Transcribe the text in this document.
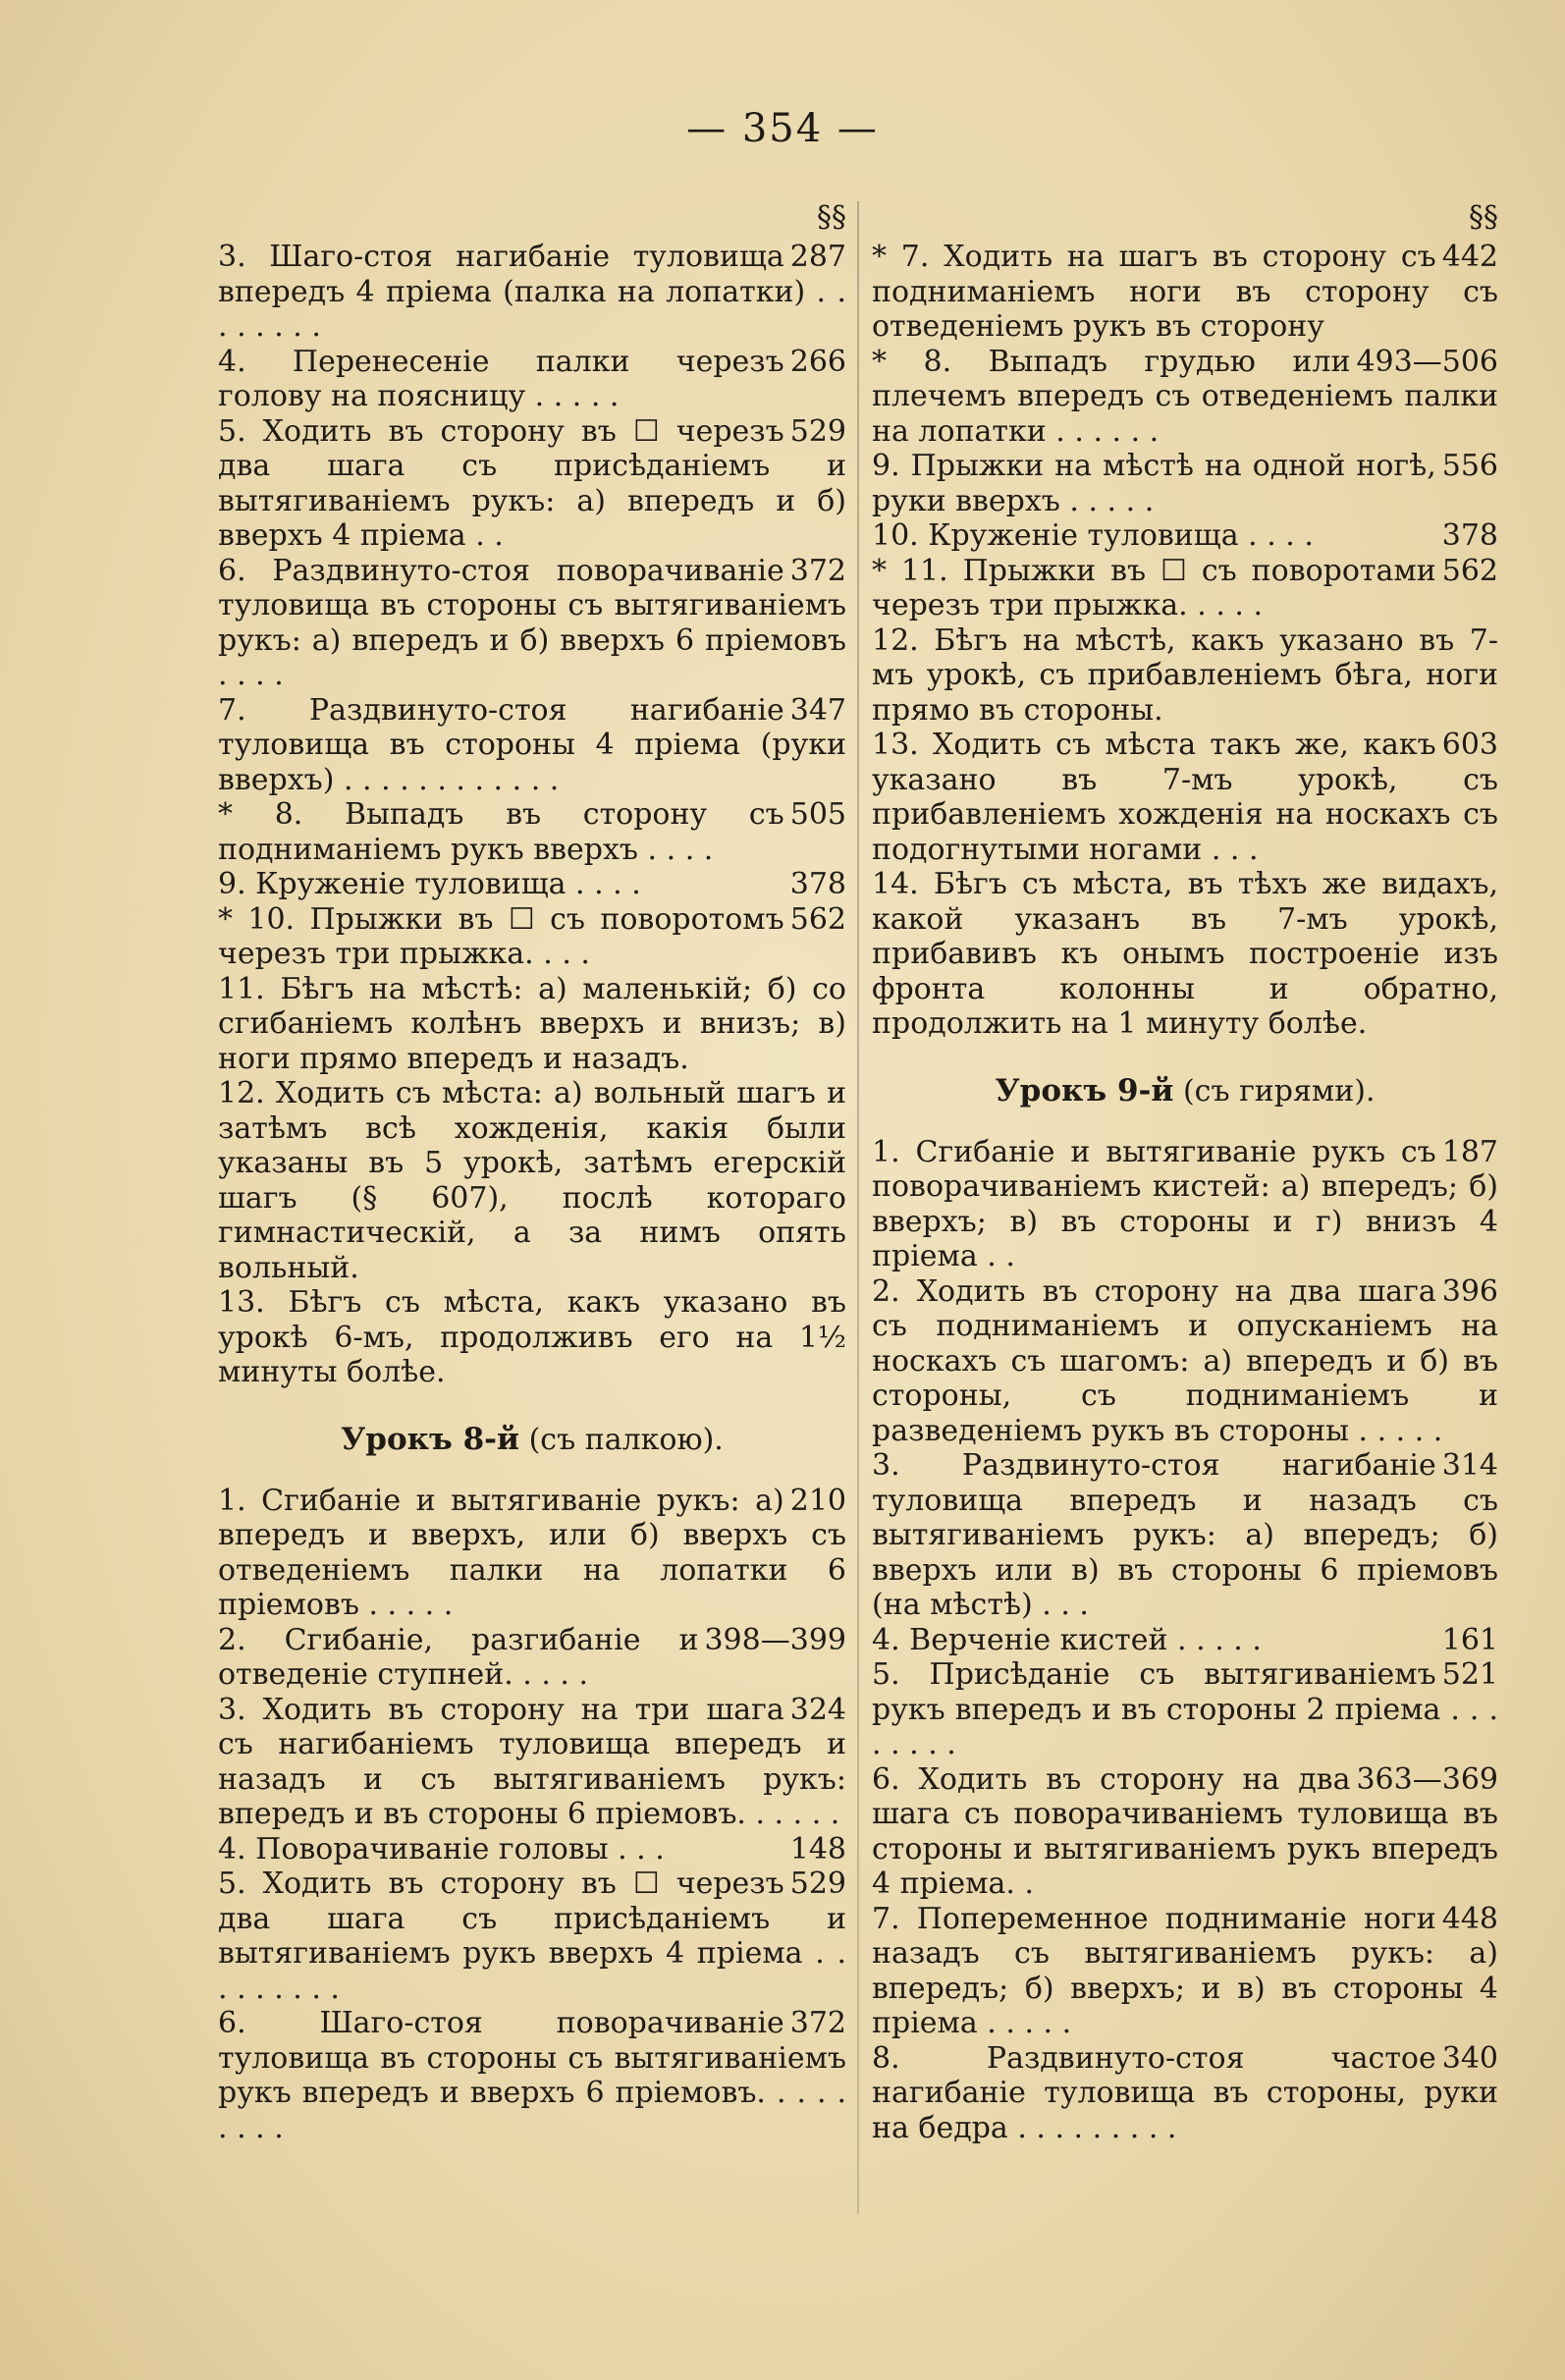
— 354 —
§§
287
3. Шаго-стоя нагибаніе туловища впередъ 4 пріема (палка на лопатки) . . . . . . . .
266
4. Перенесеніе палки черезъ голову на поясницу . . . . .
529
5. Ходить въ сторону въ ☐ черезъ два шага съ присѣданіемъ и вытягиваніемъ рукъ: а) впередъ и б) вверхъ 4 пріема . .
372
6. Раздвинуто-стоя поворачиваніе туловища въ стороны съ вытягиваніемъ рукъ: а) впередъ и б) вверхъ 6 пріемовъ . . . .
347
7. Раздвинуто-стоя нагибаніе туловища въ стороны 4 пріема (руки вверхъ) . . . . . . . . . . . .
505
* 8. Выпадъ въ сторону съ подниманіемъ рукъ вверхъ . . . .
378
9. Круженіе туловища . . . .
562
* 10. Прыжки въ ☐ съ поворотомъ черезъ три прыжка. . . .
11. Бѣгъ на мѣстѣ: а) маленькій; б) со сгибаніемъ колѣнъ вверхъ и внизъ; в) ноги прямо впередъ и назадъ.
12. Ходить съ мѣста: а) вольный шагъ и затѣмъ всѣ хожденія, какія были указаны въ 5 урокѣ, затѣмъ егерскій шагъ (§ 607), послѣ котораго гимнастическій, а за нимъ опять вольный.
13. Бѣгъ съ мѣста, какъ указано въ урокѣ 6-мъ, продолживъ его на 1½ минуты болѣе.
Урокъ 8-й (съ палкою).
210
1. Сгибаніе и вытягиваніе рукъ: а) впередъ и вверхъ, или б) вверхъ съ отведеніемъ палки на лопатки 6 пріемовъ . . . . .
398—399
2. Сгибаніе, разгибаніе и отведеніе ступней. . . . .
324
3. Ходить въ сторону на три шага съ нагибаніемъ туловища впередъ и назадъ и съ вытягиваніемъ рукъ: впередъ и въ стороны 6 пріемовъ. . . . . .
148
4. Поворачиваніе головы . . .
529
5. Ходить въ сторону въ ☐ черезъ два шага съ присѣданіемъ и вытягиваніемъ рукъ вверхъ 4 пріема . . . . . . . . .
372
6. Шаго-стоя поворачиваніе туловища въ стороны съ вытягиваніемъ рукъ впередъ и вверхъ 6 пріемовъ. . . . . . . . .
§§
442
* 7. Ходить на шагъ въ сторону съ подниманіемъ ноги въ сторону съ отведеніемъ рукъ въ сторону
493—506
* 8. Выпадъ грудью или плечемъ впередъ съ отведеніемъ палки на лопатки . . . . . .
556
9. Прыжки на мѣстѣ на одной ногѣ, руки вверхъ . . . . .
378
10. Круженіе туловища . . . .
562
* 11. Прыжки въ ☐ съ поворотами черезъ три прыжка. . . . .
12. Бѣгъ на мѣстѣ, какъ указано въ 7-мъ урокѣ, съ прибавленіемъ бѣга, ноги прямо въ стороны.
603
13. Ходить съ мѣста такъ же, какъ указано въ 7-мъ урокѣ, съ прибавленіемъ хожденія на носкахъ съ подогнутыми ногами . . .
14. Бѣгъ съ мѣста, въ тѣхъ же видахъ, какой указанъ въ 7-мъ урокѣ, прибавивъ къ онымъ построеніе изъ фронта колонны и обратно, продолжить на 1 минуту болѣе.
Урокъ 9-й (съ гирями).
187
1. Сгибаніе и вытягиваніе рукъ съ поворачиваніемъ кистей: а) впередъ; б) вверхъ; в) въ стороны и г) внизъ 4 пріема . .
396
2. Ходить въ сторону на два шага съ подниманіемъ и опусканіемъ на носкахъ съ шагомъ: а) впередъ и б) въ стороны, съ подниманіемъ и разведеніемъ рукъ въ стороны . . . . .
314
3. Раздвинуто-стоя нагибаніе туловища впередъ и назадъ съ вытягиваніемъ рукъ: а) впередъ; б) вверхъ или в) въ стороны 6 пріемовъ (на мѣстѣ) . . .
161
4. Верченіе кистей . . . . .
521
5. Присѣданіе съ вытягиваніемъ рукъ впередъ и въ стороны 2 пріема . . . . . . . .
363—369
6. Ходить въ сторону на два шага съ поворачиваніемъ туловища въ стороны и вытягиваніемъ рукъ впередъ 4 пріема. .
448
7. Попеременное подниманіе ноги назадъ съ вытягиваніемъ рукъ: а) впередъ; б) вверхъ; и в) въ стороны 4 пріема . . . . .
340
8. Раздвинуто-стоя частое нагибаніе туловища въ стороны, руки на бедра . . . . . . . . .
